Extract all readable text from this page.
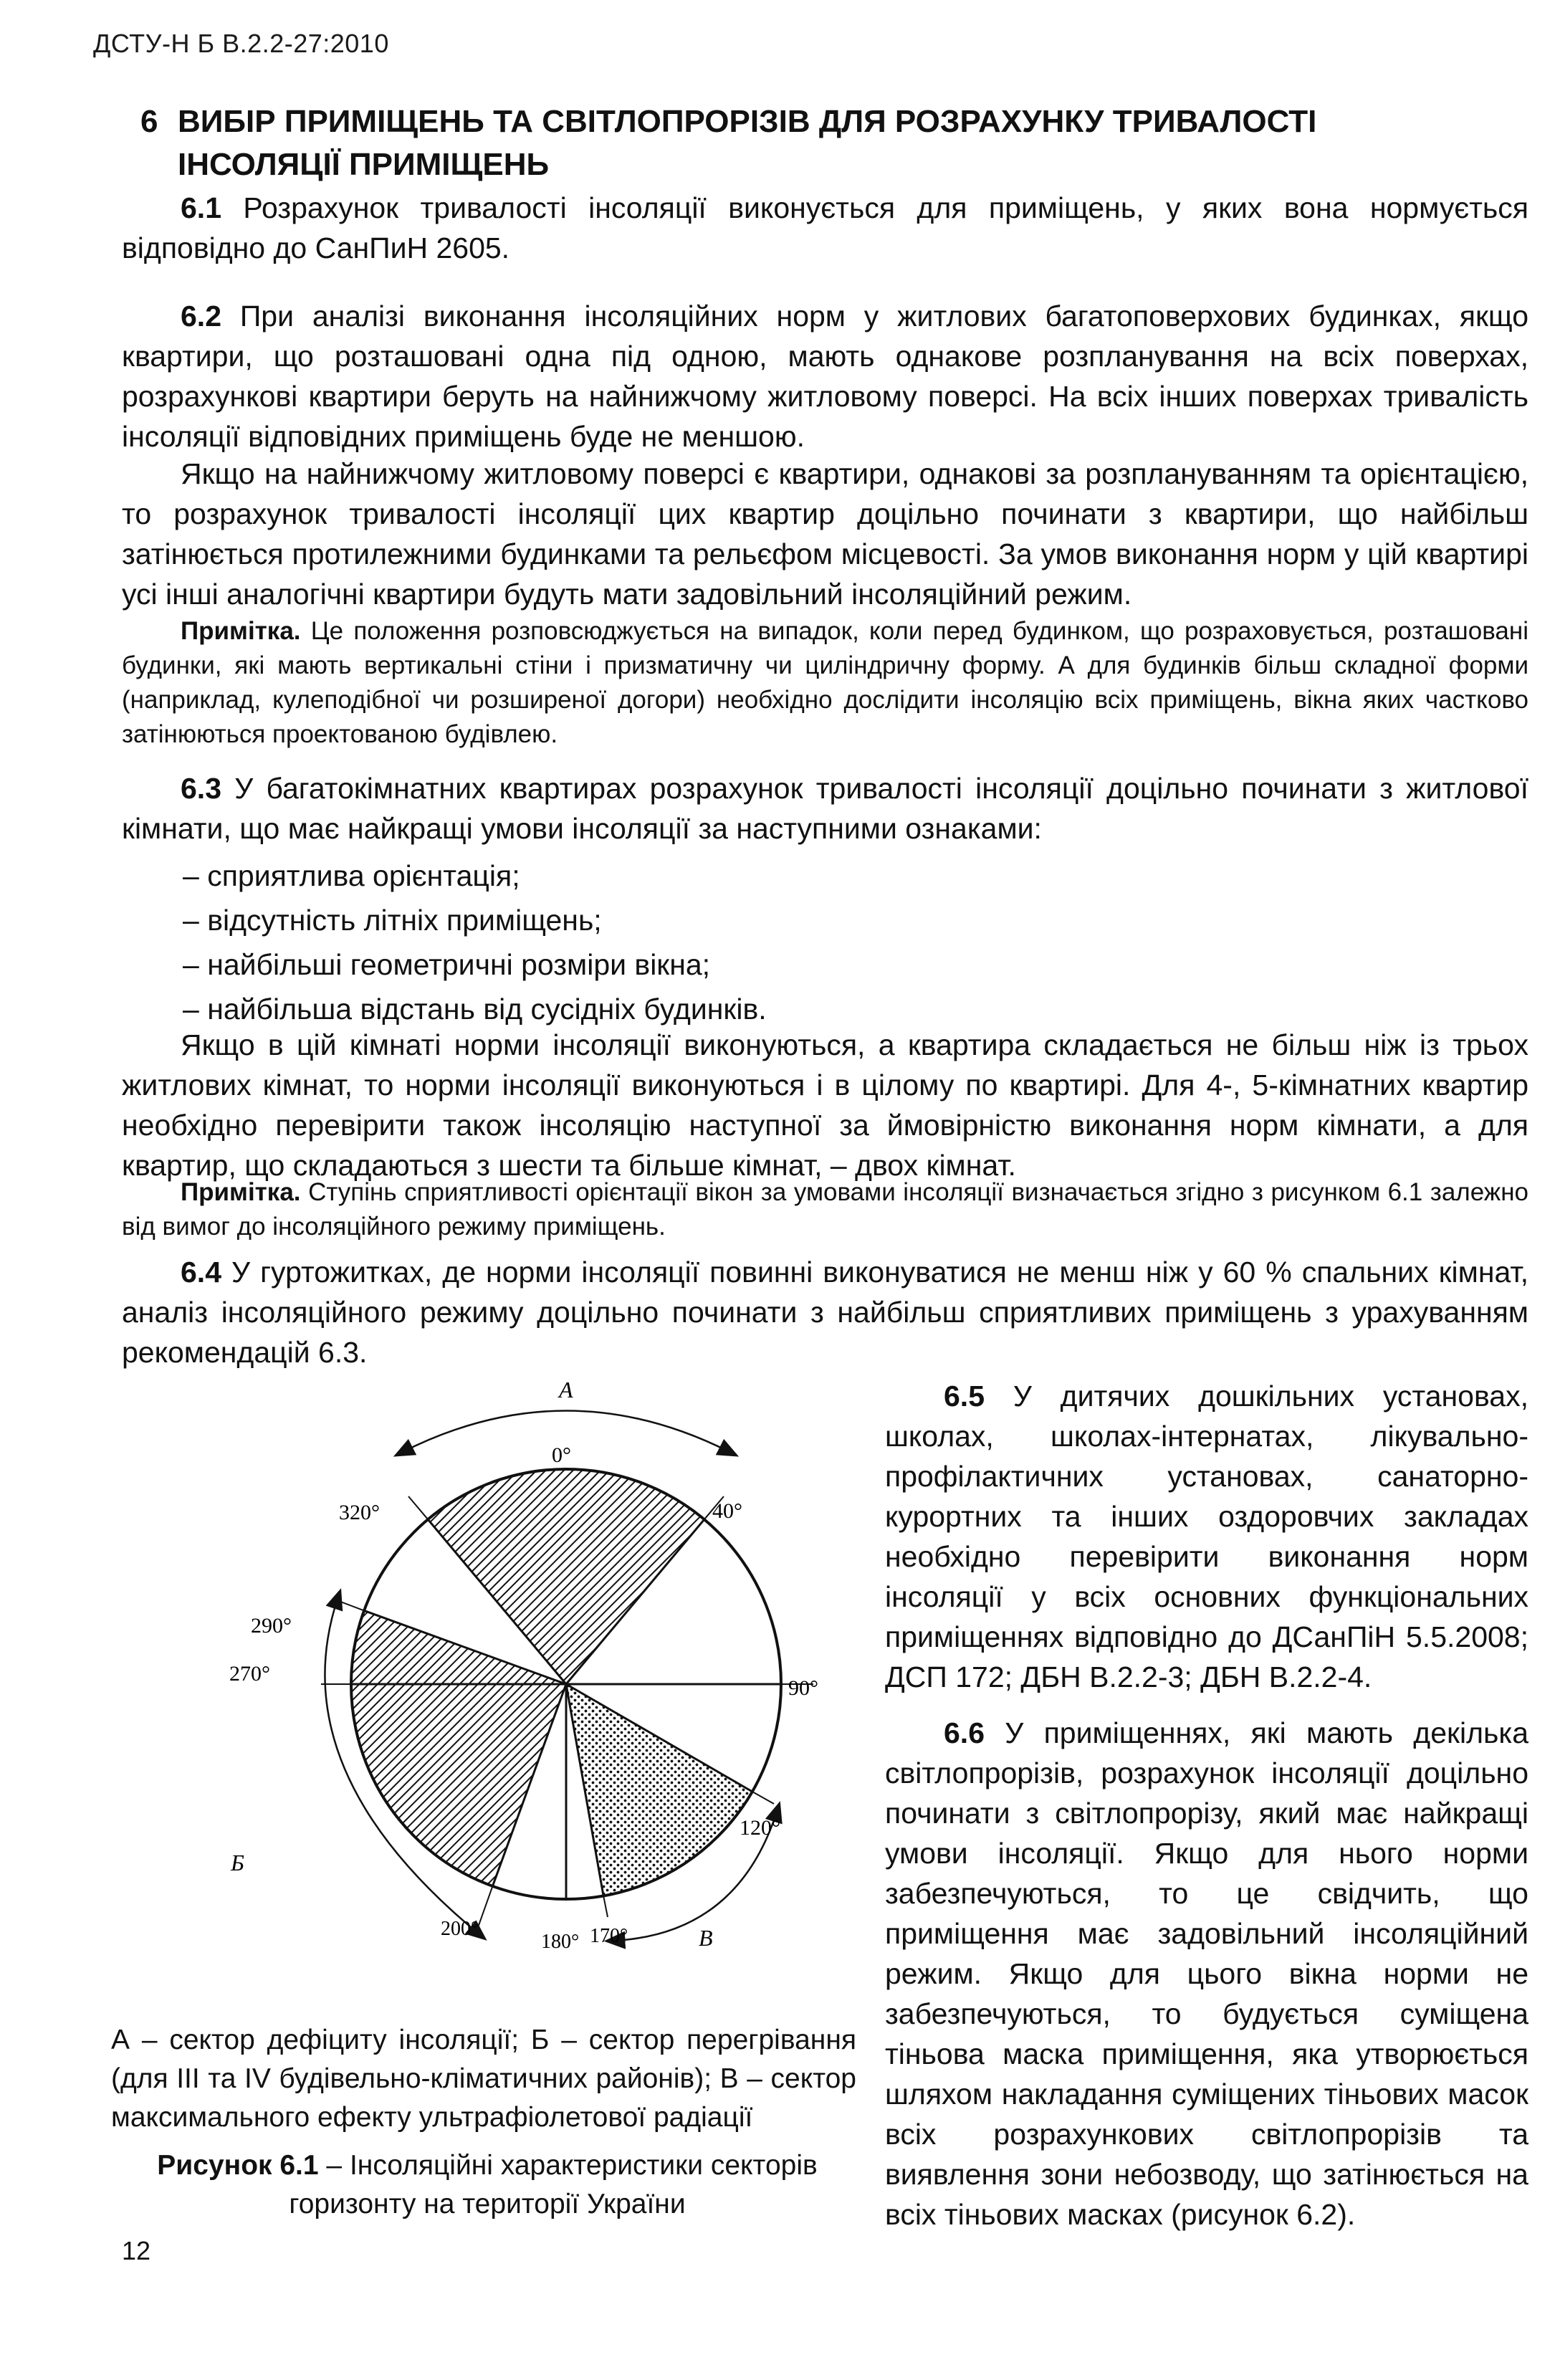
ДСТУ-Н Б В.2.2-27:2010
6 ВИБІР ПРИМІЩЕНЬ ТА СВІТЛОПРОРІЗІВ ДЛЯ РОЗРАХУНКУ ТРИВАЛОСТІ
ІНСОЛЯЦІЇ ПРИМІЩЕНЬ

6.1 Розрахунок тривалості інсоляції виконується для приміщень, у яких вона нормується відповідно до СанПиН 2605.

6.2 При аналізі виконання інсоляційних норм у житлових багатоповерхових будинках, якщо квартири, що розташовані одна під одною, мають однакове розпланування на всіх поверхах, розрахункові квартири беруть на найнижчому житловому поверсі. На всіх інших поверхах тривалість інсоляції відповідних приміщень буде не меншою.

Якщо на найнижчому житловому поверсі є квартири, однакові за розплануванням та орієнтацією, то розрахунок тривалості інсоляції цих квартир доцільно починати з квартири, що найбільш затінюється протилежними будинками та рельєфом місцевості. За умов виконання норм у цій квартирі усі інші аналогічні квартири будуть мати задовільний інсоляційний режим.

Примітка. Це положення розповсюджується на випадок, коли перед будинком, що розраховується, розташовані будинки, які мають вертикальні стіни і призматичну чи циліндричну форму. А для будинків більш складної форми (наприклад, кулеподібної чи розширеної догори) необхідно дослідити інсоляцію всіх приміщень, вікна яких частково затінюються проектованою будівлею.

6.3 У багатокімнатних квартирах розрахунок тривалості інсоляції доцільно починати з житлової кімнати, що має найкращі умови інсоляції за наступними ознаками:

– сприятлива орієнтація;
– відсутність літніх приміщень;
– найбільші геометричні розміри вікна;
– найбільша відстань від сусідніх будинків.

Якщо в цій кімнаті норми інсоляції виконуються, а квартира складається не більш ніж із трьох житлових кімнат, то норми інсоляції виконуються і в цілому по квартирі. Для 4-, 5-кімнатних квартир необхідно перевірити також інсоляцію наступної за ймовірністю виконання норм кімнати, а для квартир, що складаються з шести та більше кімнат, – двох кімнат.

Примітка. Ступінь сприятливості орієнтації вікон за умовами інсоляції визначається згідно з рисунком 6.1 залежно від вимог до інсоляційного режиму приміщень.

6.4 У гуртожитках, де норми інсоляції повинні виконуватися не менш ніж у 60 % спальних кімнат, аналіз інсоляційного режиму доцільно починати з найбільш сприятливих приміщень з урахуванням рекомендацій 6.3.

А
Б
В
0°
40°
90°
120°
170°
180°
200°
270°
290°
320°

А – сектор дефіциту інсоляції; Б – сектор перегрівання (для III та IV будівельно-кліматичних районів); В – сектор максимального ефекту ультрафіолетової радіації

Рисунок 6.1 – Інсоляційні характеристики секторів горизонту на території України

6.5 У дитячих дошкільних установах, школах, школах-інтернатах, лікувально-профілактичних установах, санаторно-курортних та інших оздоровчих закладах необхідно перевірити виконання норм інсоляції у всіх основних функціональних приміщеннях відповідно до ДСанПіН 5.5.2008; ДСП 172; ДБН В.2.2-3; ДБН В.2.2-4.

6.6 У приміщеннях, які мають декілька світлопрорізів, розрахунок інсоляції доцільно починати з світлопрорізу, який має найкращі умови інсоляції. Якщо для нього норми забезпечуються, то це свідчить, що приміщення має задовільний інсоляційний режим. Якщо для цього вікна норми не забезпечуються, то будується суміщена тіньова маска приміщення, яка утворюється шляхом накладання суміщених тіньових масок всіх розрахункових світлопрорізів та виявлення зони небозводу, що затінюється на всіх тіньових масках (рисунок 6.2).

12
